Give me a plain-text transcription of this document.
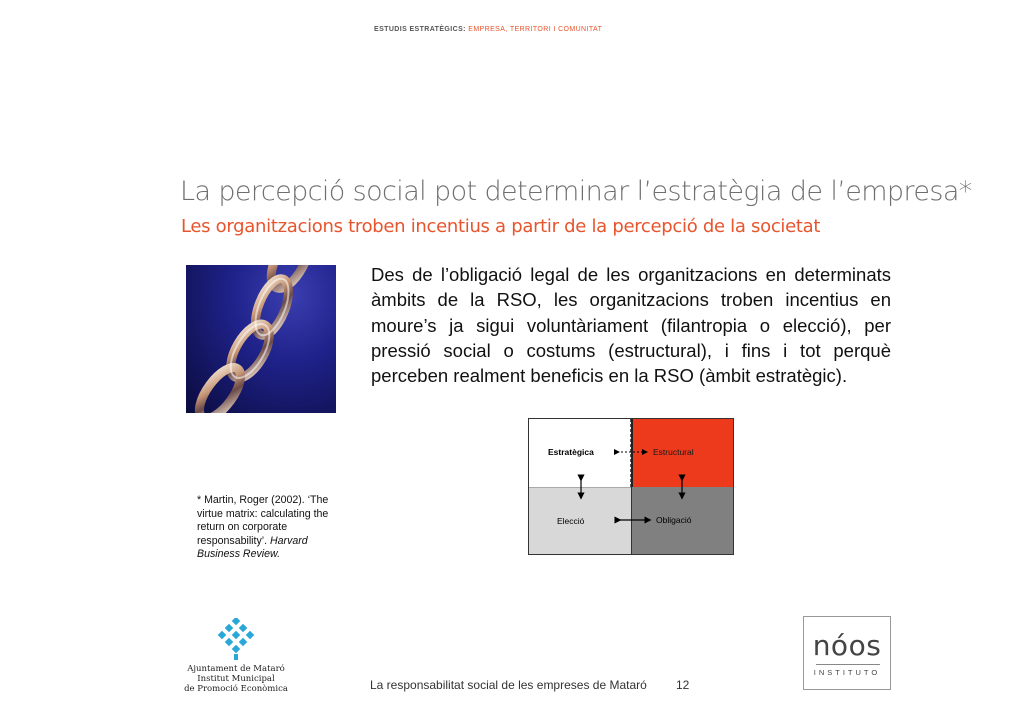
ESTUDIS ESTRATÈGICS: EMPRESA, TERRITORI I COMUNITAT
La percepció social pot determinar l’estratègia de l’empresa*
Les organitzacions troben incentius a partir de la percepció de la societat
Des de l’obligació legal de les organitzacions en determinats àmbits de la RSO, les organitzacions troben incentius en moure’s ja sigui voluntàriament (filantropia o elecció), per pressió social o costums (estructural), i fins i tot perquè perceben realment beneficis en la RSO (àmbit estratègic).
Estratègica	Estructural
Elecció	Obligació
* Martin, Roger (2002). ‘The virtue matrix: calculating the return on corporate responsability’. Harvard Business Review.
Ajuntament de Mataró
Institut Municipal
de Promoció Econòmica	La responsabilitat social de les empreses de Mataró 12
nóos
INSTITUTO
